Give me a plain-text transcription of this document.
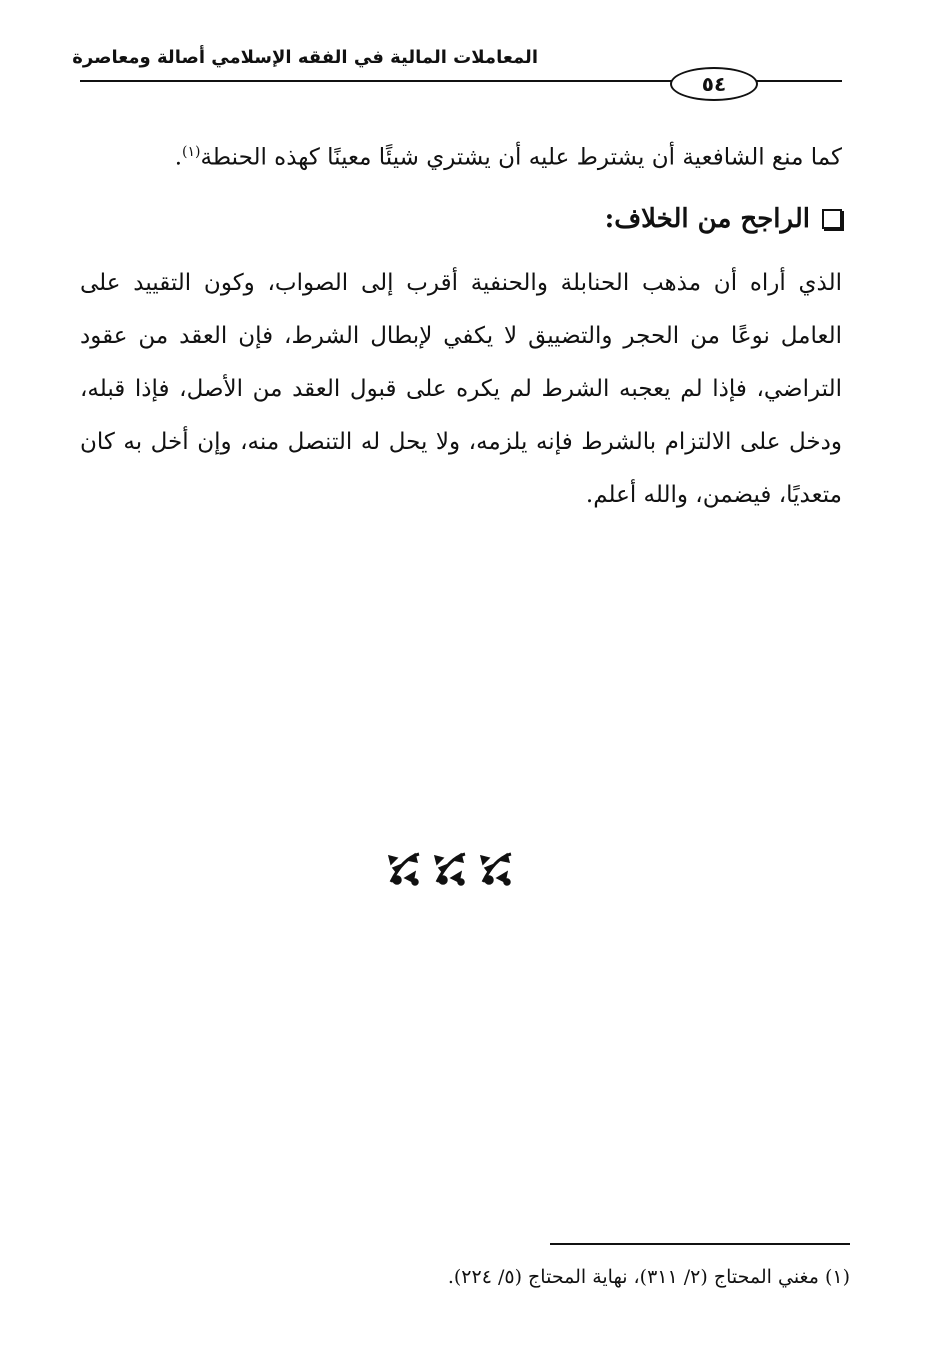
المعاملات المالية في الفقه الإسلامي أصالة ومعاصرة
٥٤
كما منع الشافعية أن يشترط عليه أن يشتري شيئًا معينًا كهذه الحنطة$^{(١)}$.
الراجح من الخلاف:
الذي أراه أن مذهب الحنابلة والحنفية أقرب إلى الصواب، وكون التقييد على العامل نوعًا من الحجر والتضييق لا يكفي لإبطال الشرط، فإن العقد من عقود التراضي، فإذا لم يعجبه الشرط لم يكره على قبول العقد من الأصل، فإذا قبله، ودخل على الالتزام بالشرط فإنه يلزمه، ولا يحل له التنصل منه، وإن أخل به كان متعديًا، فيضمن، والله أعلم.
(١) مغني المحتاج (٢/ ٣١١)، نهاية المحتاج (٥/ ٢٢٤).
